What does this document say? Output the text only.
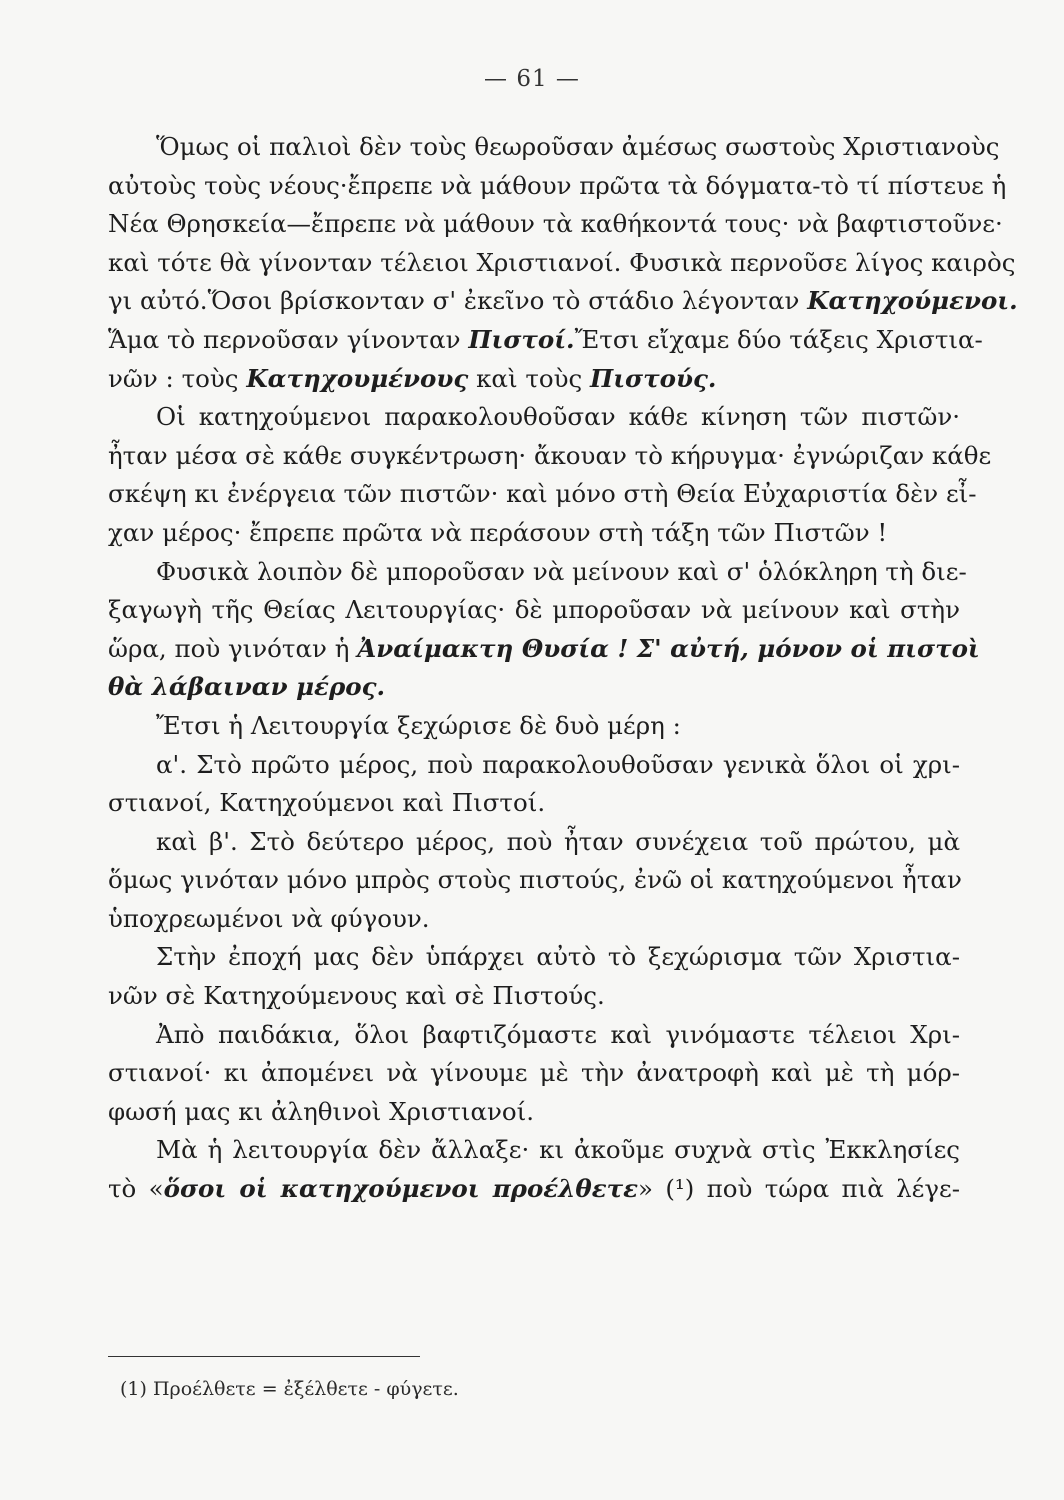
— 61 —
Ὅμως οἱ παλιοὶ δὲν τοὺς θεωροῦσαν ἀμέσως σωστοὺς Χριστιανοὺς
αὐτοὺς τοὺς νέους·ἔπρεπε νὰ μάθουν πρῶτα τὰ δόγματα-τὸ τί πίστευε ἡ
Νέα Θρησκεία—ἔπρεπε νὰ μάθουν τὰ καθήκοντά τους· νὰ βαφτιστοῦνε·
καὶ τότε θὰ γίνονταν τέλειοι Χριστιανοί. Φυσικὰ περνοῦσε λίγος καιρὸς
γι αὐτό.Ὅσοι βρίσκονταν σ' ἐκεῖνο τὸ στάδιο λέγονταν Κατηχούμενοι.
Ἅμα τὸ περνοῦσαν γίνονταν Πιστοί.Ἔτσι εἴχαμε δύο τάξεις Χριστια-
νῶν : τοὺς Κατηχουμένους καὶ τοὺς Πιστούς.
Οἱ κατηχούμενοι παρακολουθοῦσαν κάθε κίνηση τῶν πιστῶν·
ἦταν μέσα σὲ κάθε συγκέντρωση· ἄκουαν τὸ κήρυγμα· ἐγνώριζαν κάθε
σκέψη κι ἐνέργεια τῶν πιστῶν· καὶ μόνο στὴ Θεία Εὐχαριστία δὲν εἶ-
χαν μέρος· ἔπρεπε πρῶτα νὰ περάσουν στὴ τάξη τῶν Πιστῶν !
Φυσικὰ λοιπὸν δὲ μποροῦσαν νὰ μείνουν καὶ σ' ὁλόκληρη τὴ διε-
ξαγωγὴ τῆς Θείας Λειτουργίας· δὲ μποροῦσαν νὰ μείνουν καὶ στὴν
ὥρα, ποὺ γινόταν ἡ Ἀναίμακτη Θυσία ! Σ' αὐτή, μόνον οἱ πιστοὶ
θὰ λάβαιναν μέρος.
Ἔτσι ἡ Λειτουργία ξεχώρισε δὲ δυὸ μέρη :
α'. Στὸ πρῶτο μέρος, ποὺ παρακολουθοῦσαν γενικὰ ὅλοι οἱ χρι-
στιανοί, Κατηχούμενοι καὶ Πιστοί.
καὶ β'. Στὸ δεύτερο μέρος, ποὺ ἦταν συνέχεια τοῦ πρώτου, μὰ
ὅμως γινόταν μόνο μπρὸς στοὺς πιστούς, ἐνῶ οἱ κατηχούμενοι ἦταν
ὑποχρεωμένοι νὰ φύγουν.
Στὴν ἐποχή μας δὲν ὑπάρχει αὐτὸ τὸ ξεχώρισμα τῶν Χριστια-
νῶν σὲ Κατηχούμενους καὶ σὲ Πιστούς.
Ἀπὸ παιδάκια, ὅλοι βαφτιζόμαστε καὶ γινόμαστε τέλειοι Χρι-
στιανοί· κι ἀπομένει νὰ γίνουμε μὲ τὴν ἀνατροφὴ καὶ μὲ τὴ μόρ-
φωσή μας κι ἀληθινοὶ Χριστιανοί.
Μὰ ἡ λειτουργία δὲν ἄλλαξε· κι ἀκοῦμε συχνὰ στὶς Ἐκκλησίες
τὸ «ὅσοι οἱ κατηχούμενοι προέλθετε» (¹) ποὺ τώρα πιὰ λέγε-
(1) Προέλθετε = ἐξέλθετε - φύγετε.
